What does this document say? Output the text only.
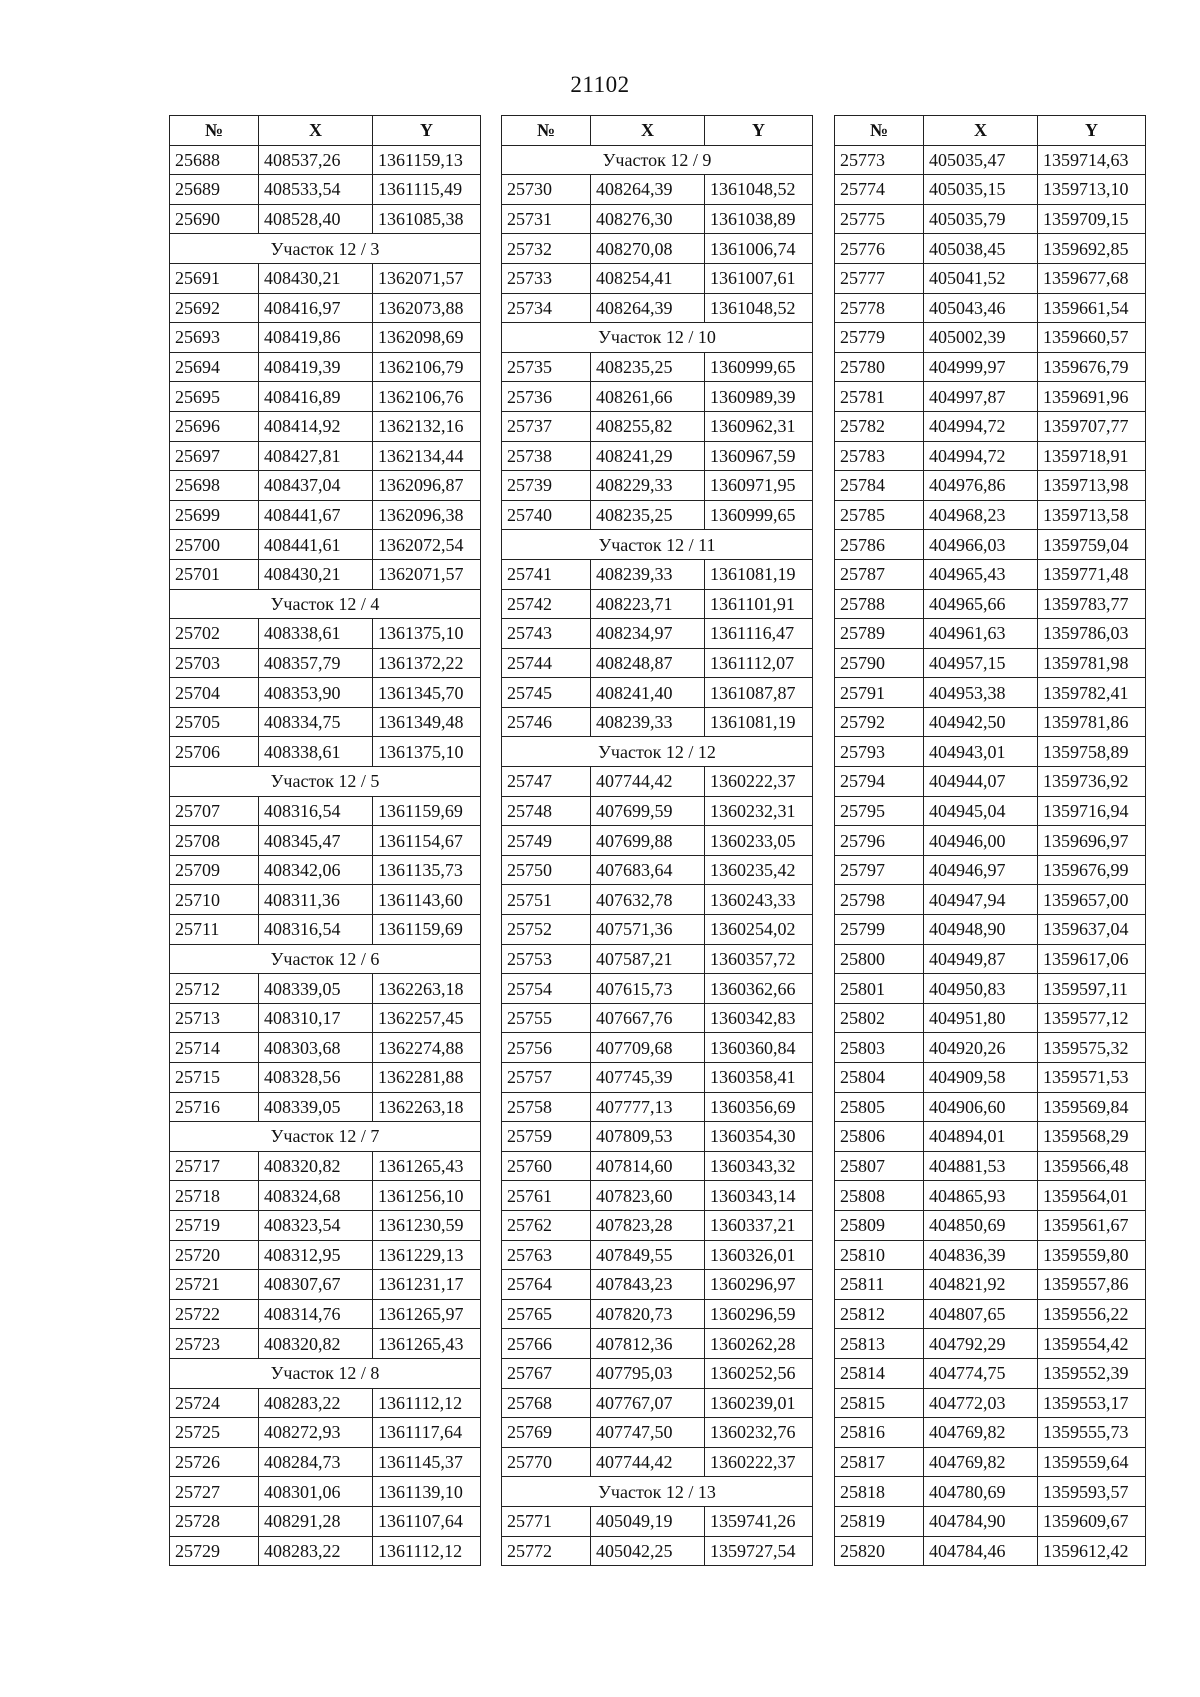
21102
№	X	Y
25688	408537,26	1361159,13
25689	408533,54	1361115,49
25690	408528,40	1361085,38
Участок 12 / 3		
25691	408430,21	1362071,57
25692	408416,97	1362073,88
25693	408419,86	1362098,69
25694	408419,39	1362106,79
25695	408416,89	1362106,76
25696	408414,92	1362132,16
25697	408427,81	1362134,44
25698	408437,04	1362096,87
25699	408441,67	1362096,38
25700	408441,61	1362072,54
25701	408430,21	1362071,57
Участок 12 / 4		
25702	408338,61	1361375,10
25703	408357,79	1361372,22
25704	408353,90	1361345,70
25705	408334,75	1361349,48
25706	408338,61	1361375,10
Участок 12 / 5		
25707	408316,54	1361159,69
25708	408345,47	1361154,67
25709	408342,06	1361135,73
25710	408311,36	1361143,60
25711	408316,54	1361159,69
Участок 12 / 6		
25712	408339,05	1362263,18
25713	408310,17	1362257,45
25714	408303,68	1362274,88
25715	408328,56	1362281,88
25716	408339,05	1362263,18
Участок 12 / 7		
25717	408320,82	1361265,43
25718	408324,68	1361256,10
25719	408323,54	1361230,59
25720	408312,95	1361229,13
25721	408307,67	1361231,17
25722	408314,76	1361265,97
25723	408320,82	1361265,43
Участок 12 / 8		
25724	408283,22	1361112,12
25725	408272,93	1361117,64
25726	408284,73	1361145,37
25727	408301,06	1361139,10
25728	408291,28	1361107,64
25729	408283,22	1361112,12
№	X	Y
Участок 12 / 9		
25730	408264,39	1361048,52
25731	408276,30	1361038,89
25732	408270,08	1361006,74
25733	408254,41	1361007,61
25734	408264,39	1361048,52
Участок 12 / 10		
25735	408235,25	1360999,65
25736	408261,66	1360989,39
25737	408255,82	1360962,31
25738	408241,29	1360967,59
25739	408229,33	1360971,95
25740	408235,25	1360999,65
Участок 12 / 11		
25741	408239,33	1361081,19
25742	408223,71	1361101,91
25743	408234,97	1361116,47
25744	408248,87	1361112,07
25745	408241,40	1361087,87
25746	408239,33	1361081,19
Участок 12 / 12		
25747	407744,42	1360222,37
25748	407699,59	1360232,31
25749	407699,88	1360233,05
25750	407683,64	1360235,42
25751	407632,78	1360243,33
25752	407571,36	1360254,02
25753	407587,21	1360357,72
25754	407615,73	1360362,66
25755	407667,76	1360342,83
25756	407709,68	1360360,84
25757	407745,39	1360358,41
25758	407777,13	1360356,69
25759	407809,53	1360354,30
25760	407814,60	1360343,32
25761	407823,60	1360343,14
25762	407823,28	1360337,21
25763	407849,55	1360326,01
25764	407843,23	1360296,97
25765	407820,73	1360296,59
25766	407812,36	1360262,28
25767	407795,03	1360252,56
25768	407767,07	1360239,01
25769	407747,50	1360232,76
25770	407744,42	1360222,37
Участок 12 / 13		
25771	405049,19	1359741,26
25772	405042,25	1359727,54
№	X	Y
25773	405035,47	1359714,63
25774	405035,15	1359713,10
25775	405035,79	1359709,15
25776	405038,45	1359692,85
25777	405041,52	1359677,68
25778	405043,46	1359661,54
25779	405002,39	1359660,57
25780	404999,97	1359676,79
25781	404997,87	1359691,96
25782	404994,72	1359707,77
25783	404994,72	1359718,91
25784	404976,86	1359713,98
25785	404968,23	1359713,58
25786	404966,03	1359759,04
25787	404965,43	1359771,48
25788	404965,66	1359783,77
25789	404961,63	1359786,03
25790	404957,15	1359781,98
25791	404953,38	1359782,41
25792	404942,50	1359781,86
25793	404943,01	1359758,89
25794	404944,07	1359736,92
25795	404945,04	1359716,94
25796	404946,00	1359696,97
25797	404946,97	1359676,99
25798	404947,94	1359657,00
25799	404948,90	1359637,04
25800	404949,87	1359617,06
25801	404950,83	1359597,11
25802	404951,80	1359577,12
25803	404920,26	1359575,32
25804	404909,58	1359571,53
25805	404906,60	1359569,84
25806	404894,01	1359568,29
25807	404881,53	1359566,48
25808	404865,93	1359564,01
25809	404850,69	1359561,67
25810	404836,39	1359559,80
25811	404821,92	1359557,86
25812	404807,65	1359556,22
25813	404792,29	1359554,42
25814	404774,75	1359552,39
25815	404772,03	1359553,17
25816	404769,82	1359555,73
25817	404769,82	1359559,64
25818	404780,69	1359593,57
25819	404784,90	1359609,67
25820	404784,46	1359612,42
